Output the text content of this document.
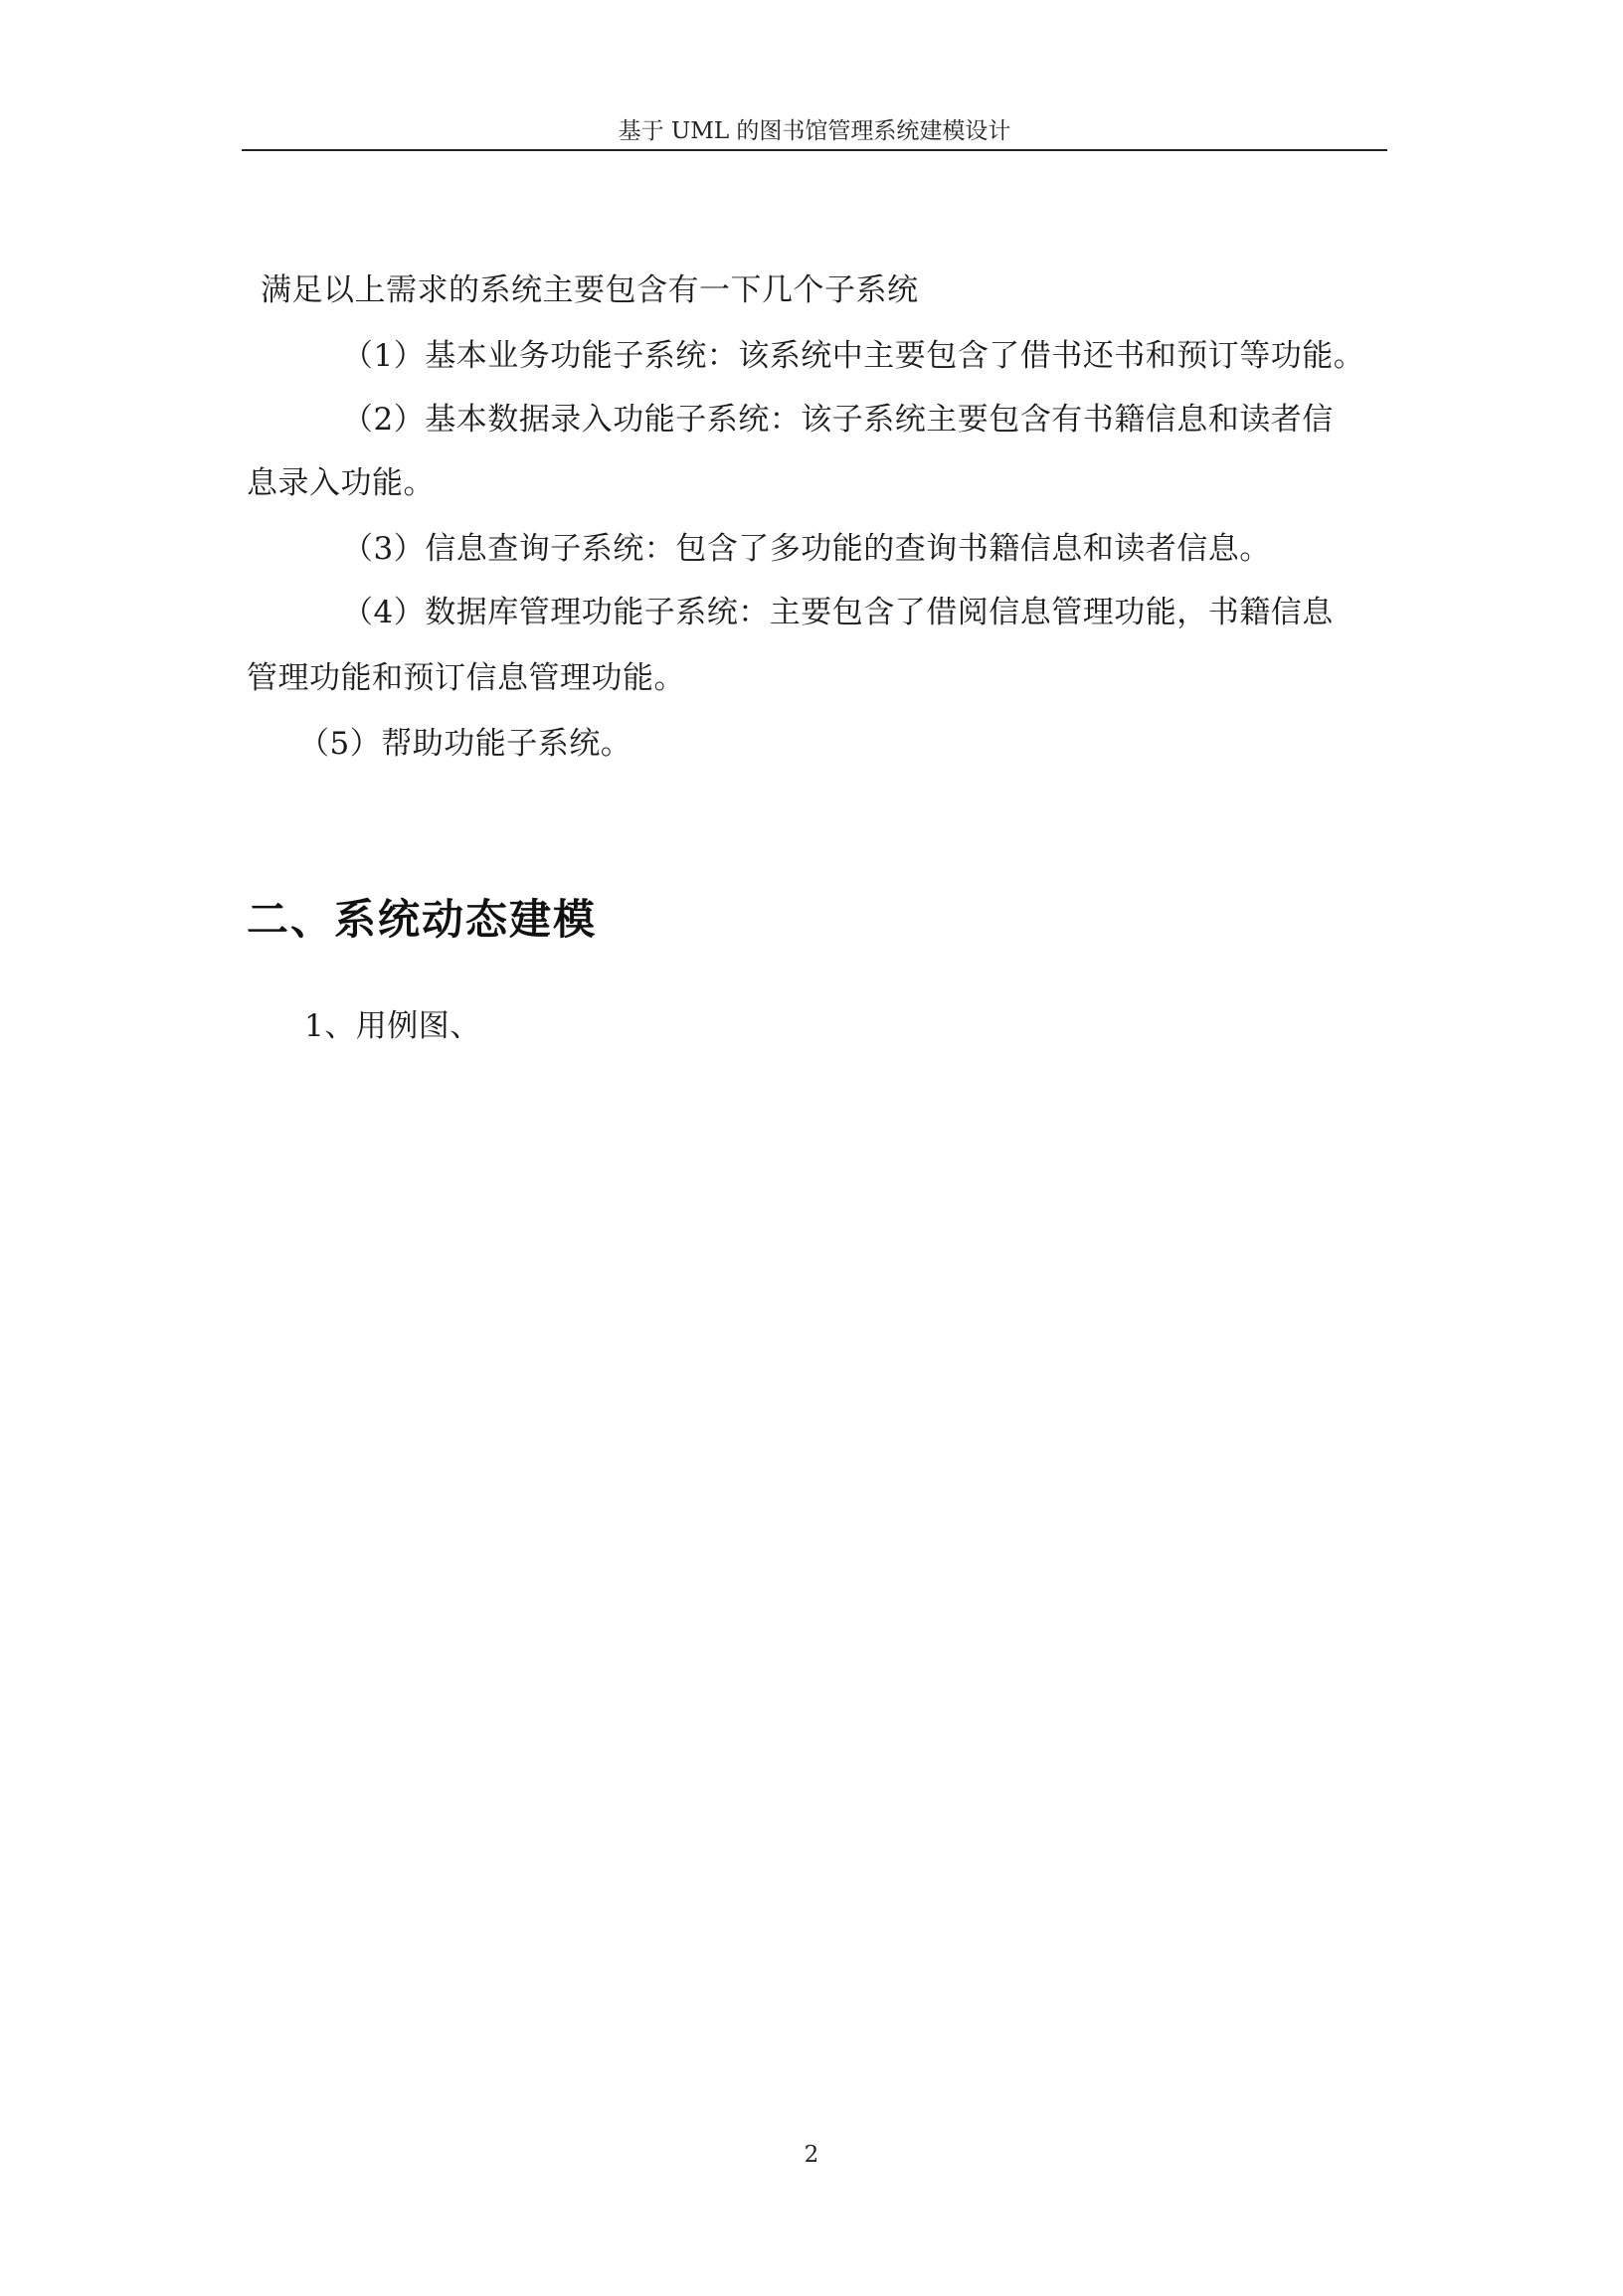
基于 UML 的图书馆管理系统建模设计
满足以上需求的系统主要包含有一下几个子系统
（1）基本业务功能子系统：该系统中主要包含了借书还书和预订等功能。
（2）基本数据录入功能子系统：该子系统主要包含有书籍信息和读者信
息录入功能。
（3）信息查询子系统：包含了多功能的查询书籍信息和读者信息。
（4）数据库管理功能子系统：主要包含了借阅信息管理功能，书籍信息
管理功能和预订信息管理功能。
（5）帮助功能子系统。
二、系统动态建模
1、用例图、
2
